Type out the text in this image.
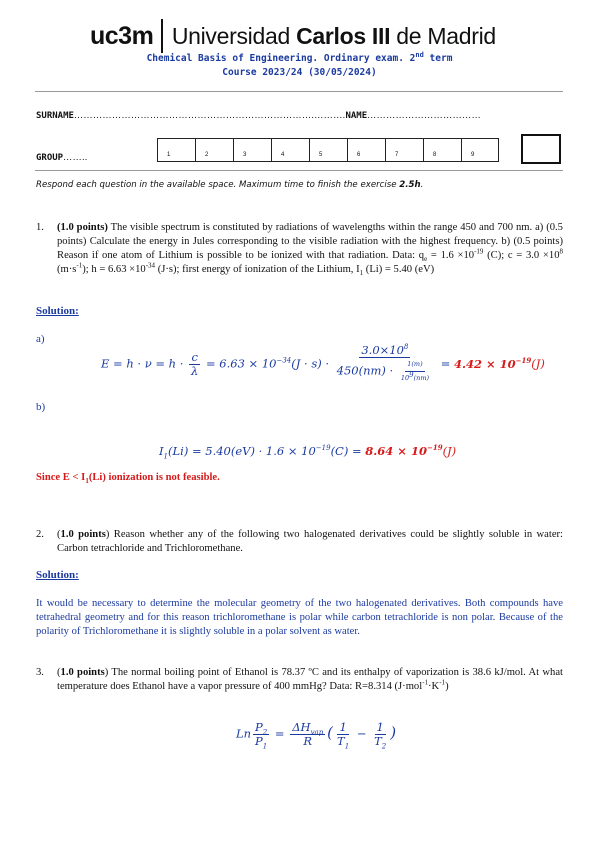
uc3m Universidad Carlos III de Madrid
Chemical Basis of Engineering. Ordinary exam. 2nd term
Course 2023/24 (30/05/2024)
SURNAME………………………………………………………………….……….NAME………………………………
GROUP……..	1	2	3	4	5	6	7	8	9
Respond each question in the available space. Maximum time to finish the exercise 2.5h.
1. (1.0 points) The visible spectrum is constituted by radiations of wavelengths within the range 450 and 700 nm. a) (0.5 points) Calculate the energy in Jules corresponding to the visible radiation with the highest frequency. b) (0.5 points) Reason if one atom of Lithium is possible to be ionized with that radiation. Data: $q_e = 1.6 \times 10^{-19}$ (C); $c = 3.0 \times 10^8$ $(m\cdot s^{-1})$; $h = 6.63 \times 10^{-34}$ (J·s); first energy of ionization of the Lithium, $I_1$ (Li) = 5.40 (eV)
Solution:
a)
$E = h \cdot \nu = h \cdot \frac{c}{\lambda} = 6.63 \times 10^{-34}(J \cdot s) \cdot \frac{3.0\times 10^8}{450(nm) \cdot \frac{1(m)}{10^9(nm)}} = 4.42 \times 10^{-19}(J)$
b)
$I_1(Li) = 5.40(eV) \cdot 1.6 \times 10^{-19}(C) = 8.64 \times 10^{-19}(J)$
Since $E < I_1(Li)$ ionization is not feasible.
2. (1.0 points) Reason whether any of the following two halogenated derivatives could be slightly soluble in water: Carbon tetrachloride and Trichloromethane.
Solution:
It would be necessary to determine the molecular geometry of the two halogenated derivatives. Both compounds have tetrahedral geometry and for this reason trichloromethane is polar while carbon tetrachloride is non polar. Because of the polarity of Trichloromethane it is slightly soluble in a polar solvent as water.
3. (1.0 points) The normal boiling point of Ethanol is 78.37 ºC and its enthalpy of vaporization is 38.6 kJ/mol. At what temperature does Ethanol have a vapor pressure of 400 mmHg? Data: R=8.314 $(J\cdot mol^{-1}\cdot K^{-1})$
Ln $\frac{P_2}{P_1} = \frac{\Delta H_{vap}}{R}$ ( $\frac{1}{T_1} - \frac{1}{T_2}$ )
